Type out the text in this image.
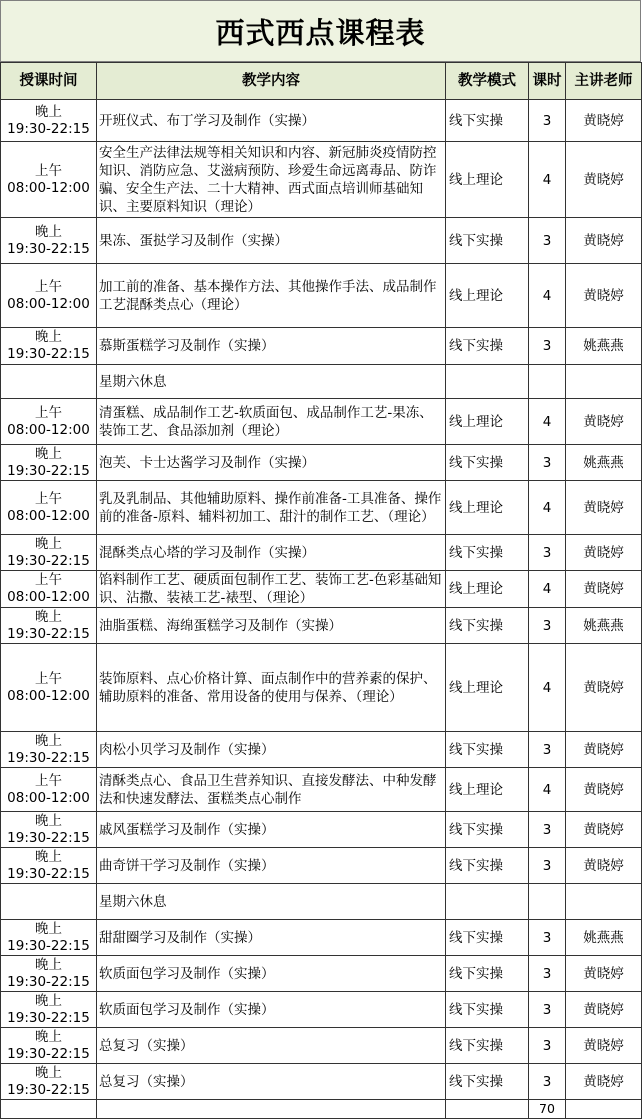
西式西点课程表
授课时间	教学内容	教学模式	课时	主讲老师

晚上
19:30-22:15	开班仪式、布丁学习及制作（实操）	线下实操	3	黄晓婷

上午
08:00-12:00	安全生产法律法规等相关知识和内容、新冠肺炎疫情防控知识、消防应急、艾滋病预防、珍爱生命远离毒品、防诈骗、安全生产法、二十大精神、西式面点培训师基础知识、主要原料知识（理论）	线上理论	4	黄晓婷

晚上
19:30-22:15	果冻、蛋挞学习及制作（实操）	线下实操	3	黄晓婷

上午
08:00-12:00	加工前的准备、基本操作方法、其他操作手法、成品制作工艺混酥类点心（理论）	线上理论	4	黄晓婷

晚上
19:30-22:15	慕斯蛋糕学习及制作（实操）	线下实操	3	姚燕燕

	星期六休息			

上午
08:00-12:00	清蛋糕、成品制作工艺-软质面包、成品制作工艺-果冻、装饰工艺、食品添加剂（理论）	线上理论	4	黄晓婷

晚上
19:30-22:15	泡芙、卡士达酱学习及制作（实操）	线下实操	3	姚燕燕

上午
08:00-12:00	乳及乳制品、其他辅助原料、操作前准备-工具准备、操作前的准备-原料、辅料初加工、甜汁的制作工艺、（理论）	线上理论	4	黄晓婷

晚上
19:30-22:15	混酥类点心塔的学习及制作（实操）	线下实操	3	黄晓婷

上午
08:00-12:00	馅料制作工艺、硬质面包制作工艺、装饰工艺-色彩基础知识、沾撒、装裱工艺-裱型、（理论）	线上理论	4	黄晓婷

晚上
19:30-22:15	油脂蛋糕、海绵蛋糕学习及制作（实操）	线下实操	3	姚燕燕

上午
08:00-12:00	装饰原料、点心价格计算、面点制作中的营养素的保护、辅助原料的准备、常用设备的使用与保养、（理论）	线上理论	4	黄晓婷

晚上
19:30-22:15	肉松小贝学习及制作（实操）	线下实操	3	黄晓婷

上午
08:00-12:00	清酥类点心、食品卫生营养知识、直接发酵法、中种发酵法和快速发酵法、蛋糕类点心制作	线上理论	4	黄晓婷

晚上
19:30-22:15	戚风蛋糕学习及制作（实操）	线下实操	3	黄晓婷

晚上
19:30-22:15	曲奇饼干学习及制作（实操）	线下实操	3	黄晓婷

	星期六休息			

晚上
19:30-22:15	甜甜圈学习及制作（实操）	线下实操	3	姚燕燕

晚上
19:30-22:15	软质面包学习及制作（实操）	线下实操	3	黄晓婷

晚上
19:30-22:15	软质面包学习及制作（实操）	线下实操	3	黄晓婷

晚上
19:30-22:15	总复习（实操）	线下实操	3	黄晓婷

晚上
19:30-22:15	总复习（实操）	线下实操	3	黄晓婷
			70	
